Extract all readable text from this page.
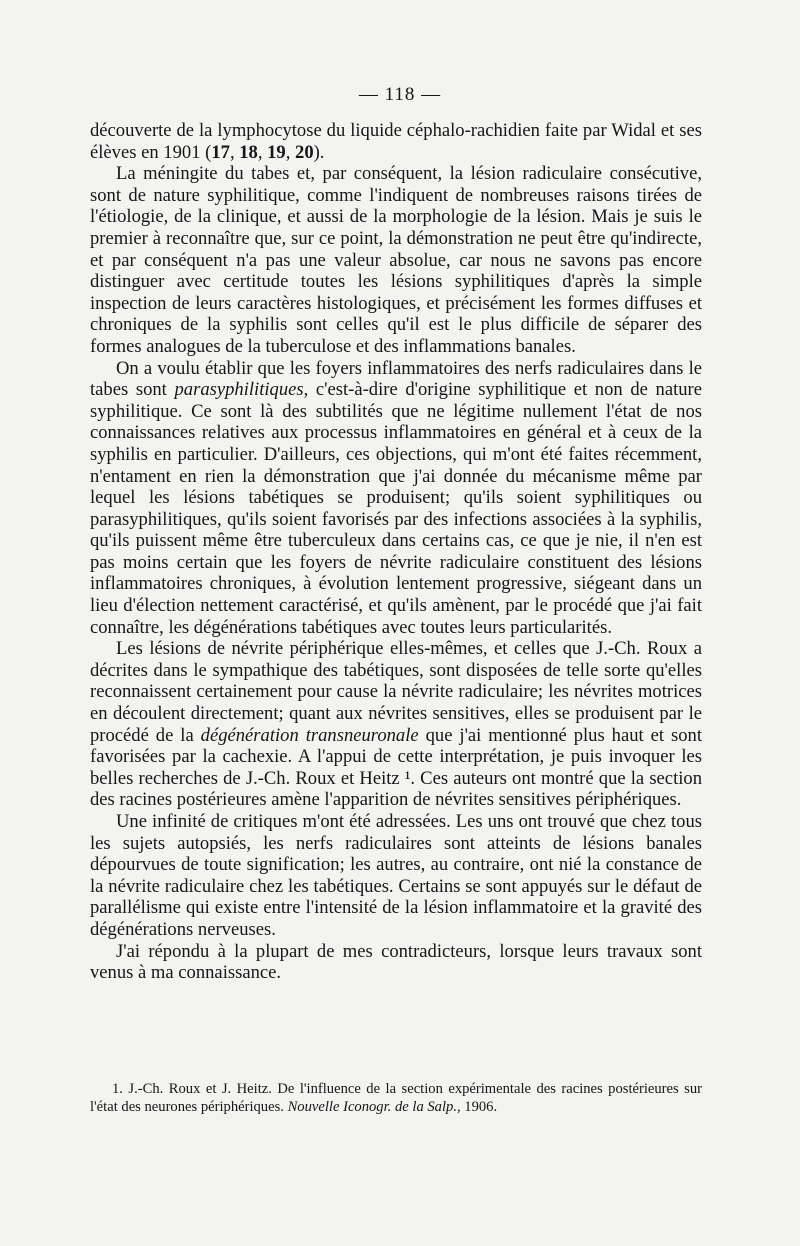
— 118 —

découverte de la lymphocytose du liquide céphalo-rachidien faite par Widal et ses élèves en 1901 (17, 18, 19, 20).

La méningite du tabes et, par conséquent, la lésion radiculaire consécutive, sont de nature syphilitique, comme l'indiquent de nombreuses raisons tirées de l'étiologie, de la clinique, et aussi de la morphologie de la lésion. Mais je suis le premier à reconnaître que, sur ce point, la démonstration ne peut être qu'indirecte, et par conséquent n'a pas une valeur absolue, car nous ne savons pas encore distinguer avec certitude toutes les lésions syphilitiques d'après la simple inspection de leurs caractères histologiques, et précisément les formes diffuses et chroniques de la syphilis sont celles qu'il est le plus difficile de séparer des formes analogues de la tuberculose et des inflammations banales.

On a voulu établir que les foyers inflammatoires des nerfs radiculaires dans le tabes sont parasyphilitiques, c'est-à-dire d'origine syphilitique et non de nature syphilitique. Ce sont là des subtilités que ne légitime nullement l'état de nos connaissances relatives aux processus inflammatoires en général et à ceux de la syphilis en particulier. D'ailleurs, ces objections, qui m'ont été faites récemment, n'entament en rien la démonstration que j'ai donnée du mécanisme même par lequel les lésions tabétiques se produisent; qu'ils soient syphilitiques ou parasyphilitiques, qu'ils soient favorisés par des infections associées à la syphilis, qu'ils puissent même être tuberculeux dans certains cas, ce que je nie, il n'en est pas moins certain que les foyers de névrite radiculaire constituent des lésions inflammatoires chroniques, à évolution lentement progressive, siégeant dans un lieu d'élection nettement caractérisé, et qu'ils amènent, par le procédé que j'ai fait connaître, les dégénérations tabétiques avec toutes leurs particularités.

Les lésions de névrite périphérique elles-mêmes, et celles que J.-Ch. Roux a décrites dans le sympathique des tabétiques, sont disposées de telle sorte qu'elles reconnaissent certainement pour cause la névrite radiculaire; les névrites motrices en découlent directement; quant aux névrites sensitives, elles se produisent par le procédé de la dégénération transneuronale que j'ai mentionné plus haut et sont favorisées par la cachexie. A l'appui de cette interprétation, je puis invoquer les belles recherches de J.-Ch. Roux et Heitz ¹. Ces auteurs ont montré que la section des racines postérieures amène l'apparition de névrites sensitives périphériques.

Une infinité de critiques m'ont été adressées. Les uns ont trouvé que chez tous les sujets autopsiés, les nerfs radiculaires sont atteints de lésions banales dépourvues de toute signification; les autres, au contraire, ont nié la constance de la névrite radiculaire chez les tabétiques. Certains se sont appuyés sur le défaut de parallélisme qui existe entre l'intensité de la lésion inflammatoire et la gravité des dégénérations nerveuses.

J'ai répondu à la plupart de mes contradicteurs, lorsque leurs travaux sont venus à ma connaissance.

1. J.-Ch. Roux et J. Heitz. De l'influence de la section expérimentale des racines postérieures sur l'état des neurones périphériques. Nouvelle Iconogr. de la Salp., 1906.
